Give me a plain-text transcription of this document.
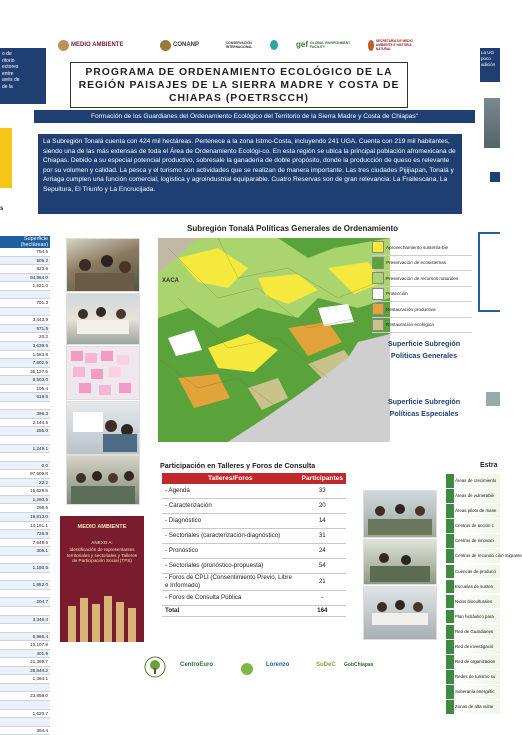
o de
ritorio
ectores
entre
avés de
de la
s
Superficie (hectáreas)
754.5
506.2
823.6
94,964.0
1,521.0
701.3
3,443.9
571.5
20.2
3,639.6
1,583.8
7,802.5
35,127.5
9,503.0
105.4
618.6
396.3
2,144.5
255.0
1,249.1
0.0
97,609.8
22.2
15,629.5
1,293.5
298.5
19,813.0
14,161.1
726.9
7,648.6
305.1
1,180.5
1,952.0
204.7
3,346.4
6,966.4
13,107.8
401.9
21,399.7
28,844.2
1,364.1
23,859.0
1,620.7
364.4
MEDIO AMBIENTE	CONANP	CONSERVACIÓN INTERNACIONAL	gef GLOBAL ENVIRONMENT FACILITY
SECRETARÍA DE MEDIO AMBIENTE E HISTORIA NATURAL
PROGRAMA DE ORDENAMIENTO ECOLÓGICO DE LA
REGIÓN PAISAJES DE LA SIERRA MADRE Y COSTA DE
CHIAPAS (POETRSCCH)
Formación de los Guardianes del Ordenamiento Ecológico del Territorio de la Sierra Madre y Costa de Chiapas"
La Subregión Tonalá cuenta con 424 mil hectáreas. Pertenece a la zona Istmo-Costa, incluyendo 241 UGA. Cuenta con 219 mil habitantes, siendo una de las más extensas de toda el Área de Ordenamiento Ecológi-co. En esta región se ubica la principal población afromexicana de Chiapas. Debido a su especial potencial productivo, sobresale la ganadería de doble propósito, donde la producción de queso es relevante por su volumen y calidad. La pesca y el turismo son actividades que se realizan de manera importante. Las tres ciudades Pijijiapan, Tonalá y Arriaga cumplen una función comercial, logística y agroindustrial equiparable. Cuatro Reservas son de gran relevancia: La Frailescana, La Sepultura, El Triunfo y La Encrucijada.
La UG
poco
adición
Subregión Tonalá Políticas Generales de Ordenamiento
XACA
Aprovechamiento sustenta-ble
Preservación de ecosistemas
Preservación de recursos naturales
Protección
Restauración productiva
Restauración ecológica
Superficie Subregión Políticas Generales
Superficie Subregión Políticas Especiales
Participación en Talleres y Foros de Consulta
Talleres/Foros	Participantes
- Agenda	33
- Caracterización	20
- Diagnóstico	14
- Sectoriales (caracterización-diagnóstico)	31
- Pronóstico	24
- Sectoriales (pronóstico-propuesta)	54
- Foros de CPLI (Consentimiento Previo, Libre e Informado)	21
- Foros de Consulta Pública	-
Total	164
MEDIO AMBIENTE
ANEXO A:
Identificación de representantes territoriales y sectoriales y Talleres de Participación Social (TPS)
Estra
Áreas de crecimiento
Áreas de vulnerabili
Áreas piloto de mane
Centros de acción c
Centros de innovaci
Centros de reconoci ción migrante
Cuencas de producci
Escuelas de susten
Nidos bioculturales
Plan hidráulico para
Red de Guardianes
Red de investigació
Red de organizacion
Redes de turismo su
Soberanía energétic
Zonas de alta vulne
CentroEuro	Lorenzo	SuDeC GobChiapas
